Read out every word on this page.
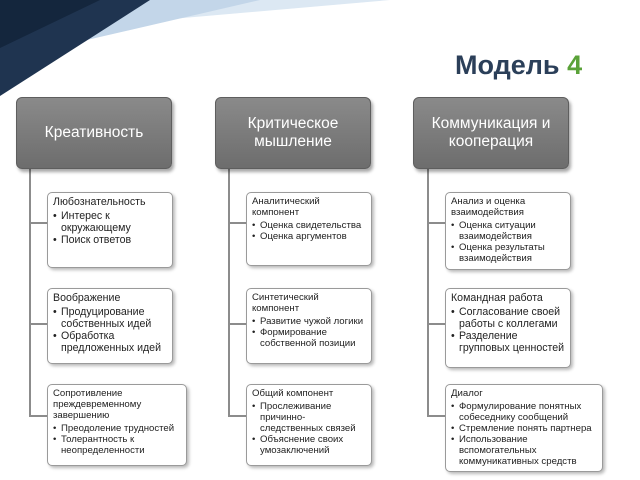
Модель 4
Креативность
Любознательность
• Интерес к окружающему
• Поиск ответов
Воображение
• Продуцирование собственных идей
• Обработка предложенных идей
Сопротивление преждевременному завершению
• Преодоление трудностей
• Толерантность к неопределенности
Критическое мышление
Аналитический компонент
• Оценка свидетельства
• Оценка аргументов
Синтетический компонент
• Развитие чужой логики
• Формирование собственной позиции
Общий компонент
• Прослеживание причинно-следственных связей
• Объяснение своих умозаключений
Коммуникация и кооперация
Анализ и оценка взаимодействия
• Оценка ситуации взаимодействия
• Оценка результаты взаимодействия
Командная работа
• Согласование своей работы с коллегами
• Разделение групповых ценностей
Диалог
• Формулирование понятных собеседнику сообщений
• Стремление понять партнера
• Использование вспомогательных коммуникативных средств
